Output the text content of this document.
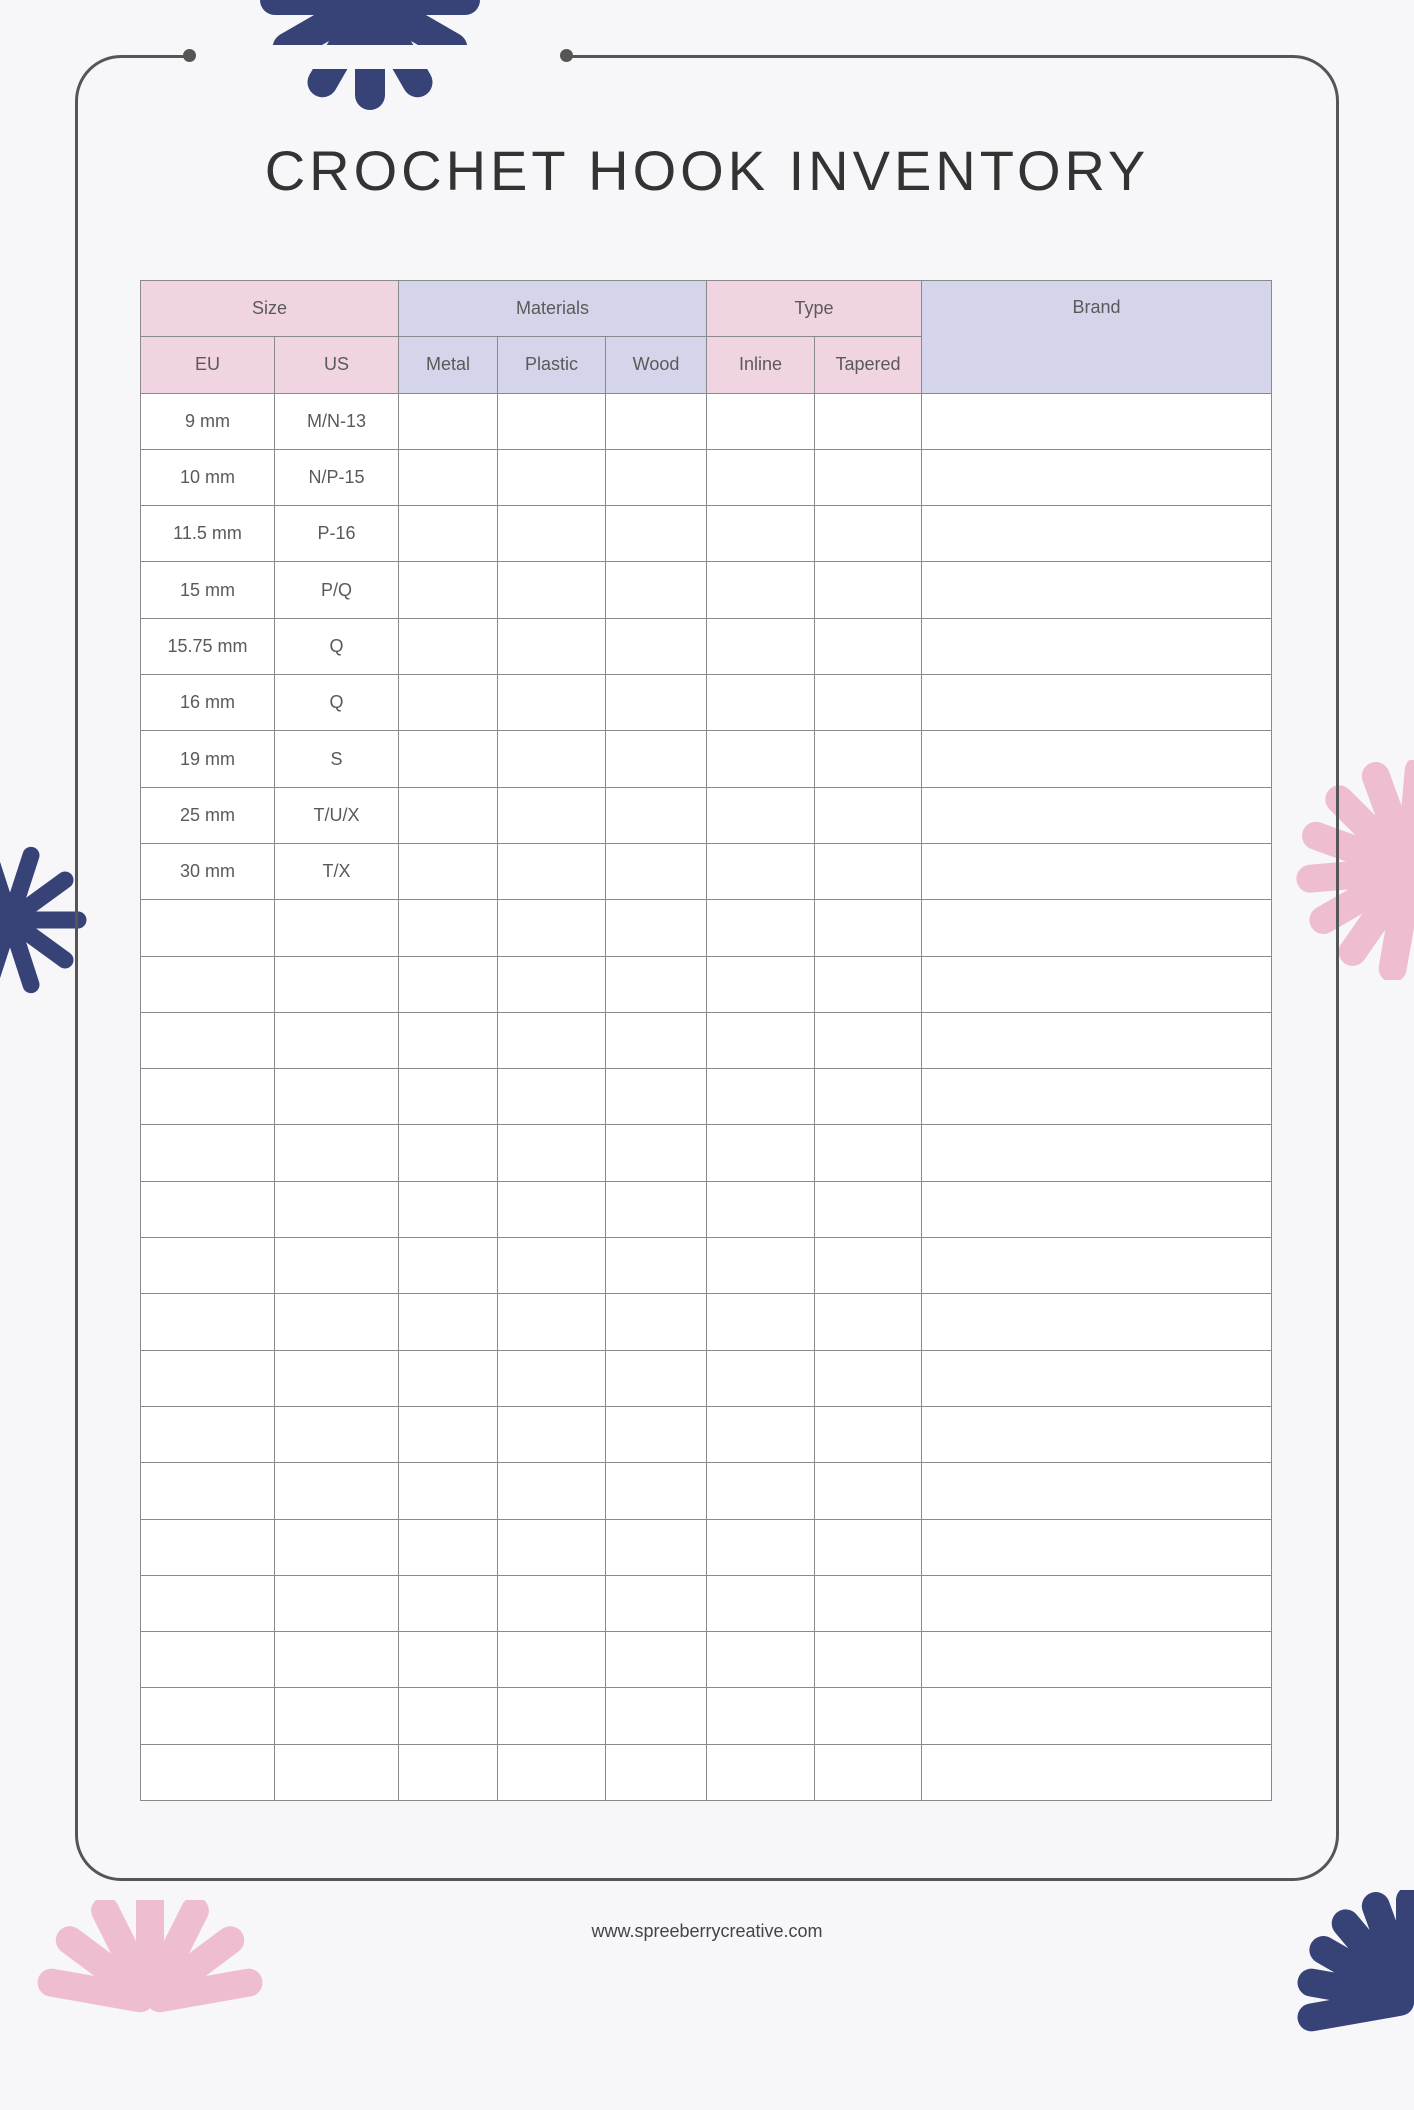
CROCHET HOOK INVENTORY
Size		Materials			Type		Brand
EU	US	Metal	Plastic	Wood	Inline	Tapered	
9 mm	M/N-13						
10 mm	N/P-15						
11.5 mm	P-16						
15 mm	P/Q						
15.75 mm	Q						
16 mm	Q						
19 mm	S						
25 mm	T/U/X						
30 mm	T/X						

www.spreeberrycreative.com
